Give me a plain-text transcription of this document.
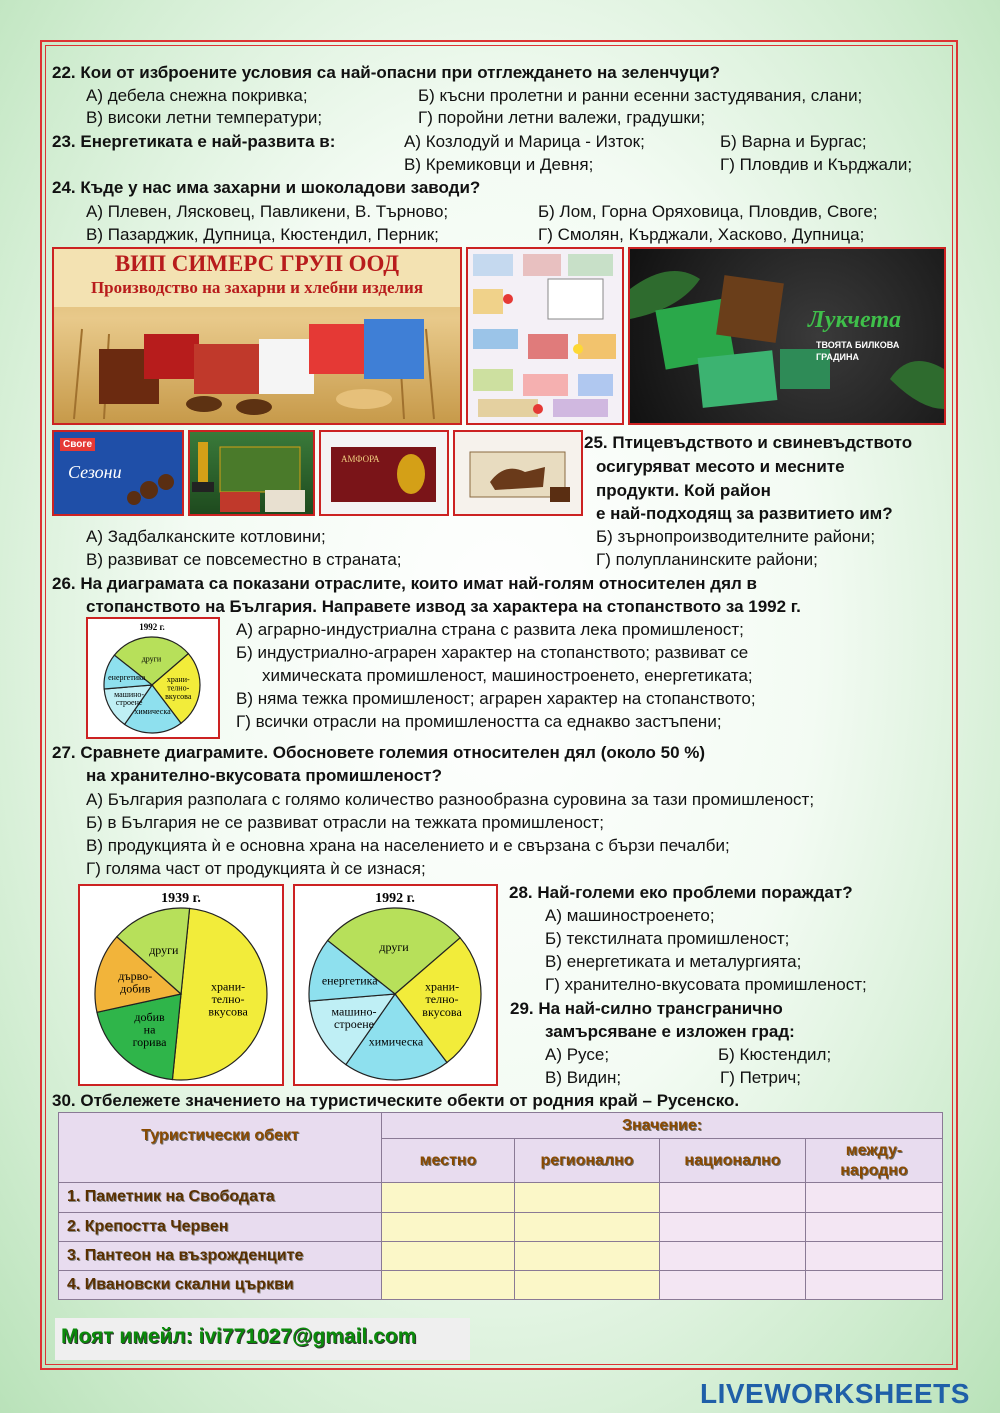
22. Кои от изброените условия са най-опасни при отглеждането на зеленчуци?
А) дебела снежна покривка;	Б) късни пролетни и ранни есенни застудявания, слани;
В) високи летни температури;	Г) поройни летни валежи, градушки;
23. Енергетиката е най-развита в:	А) Козлодуй и Марица - Изток;	Б) Варна и Бургас;
В) Кремиковци и Девня;	Г) Пловдив и Кърджали;
24. Къде у нас има захарни и шоколадови заводи?
А) Плевен, Лясковец, Павликени, В. Търново;	Б) Лом, Горна Оряховица, Пловдив, Своге;
В) Пазарджик, Дупница, Кюстендил, Перник;	Г) Смолян, Кърджали, Хасково, Дупница;
ВИП СИМЕРС ГРУП ООД
Производство на захарни и хлебни изделия
Лукчета
ТВОЯТА БИЛКОВА ГРАДИНА
Своге
Сезони
АМФОРА
25. Птицевъдството и свиневъдството
осигуряват месото и месните
продукти. Кой район
е най-подходящ за развитието им?
А) Задбалканските котловини;	Б) зърнопроизводителните райони;
В) развиват се повсеместно в страната;	Г) полупланинските райони;
26. На диаграмата са показани отраслите, които имат най-голям относителен дял в
стопанството на България. Направете извод за характера на стопанството за 1992 г.
1992 г.
други
храни-
телно-
вкусова
химическа
машино-
строене
енергетика
А) аграрно-индустриална страна с развита лека промишленост;
Б) индустриално-аграрен характер на стопанството; развиват се
химическата промишленост, машиностроенето, енергетиката;
В) няма тежка промишленост; аграрен характер на стопанството;
Г) всички отрасли на промишлеността са еднакво застъпени;
27. Сравнете диаграмите. Обосновете големия относителен дял (около 50 %)
на хранително-вкусовата промишленост?
А) България разполага с голямо количество разнообразна суровина за тази промишленост;
Б) в България не се развиват отрасли на тежката промишленост;
В) продукцията ѝ е основна храна на населението и е свързана с бързи печалби;
Г) голяма част от продукцията ѝ се изнася;
1939 г.
храни-
телно-
вкусова
добив
на
горива
дърво-
добив
други
1992 г.
други
храни-
телно-
вкусова
химическа
машино-
строене
енергетика
28. Най-големи еко проблеми пораждат?
А) машиностроенето;
Б) текстилната промишленост;
В) енергетиката и металургията;
Г) хранително-вкусовата промишленост;
29. На най-силно трансгранично
замърсяване е изложен град:
А) Русе;	Б) Кюстендил;
В) Видин;	Г) Петрич;
30. Отбележете значението на туристическите обекти от родния край – Русенско.
Туристически обект	Значение:			
	местно	регионално	национално	между-
народно
1. Паметник на Свободата				
2. Крепостта Червен				
3. Пантеон на възрожденците				
4. Ивановски скални църкви				
Моят имейл: ivi771027@gmail.com
LIVEWORKSHEETS
